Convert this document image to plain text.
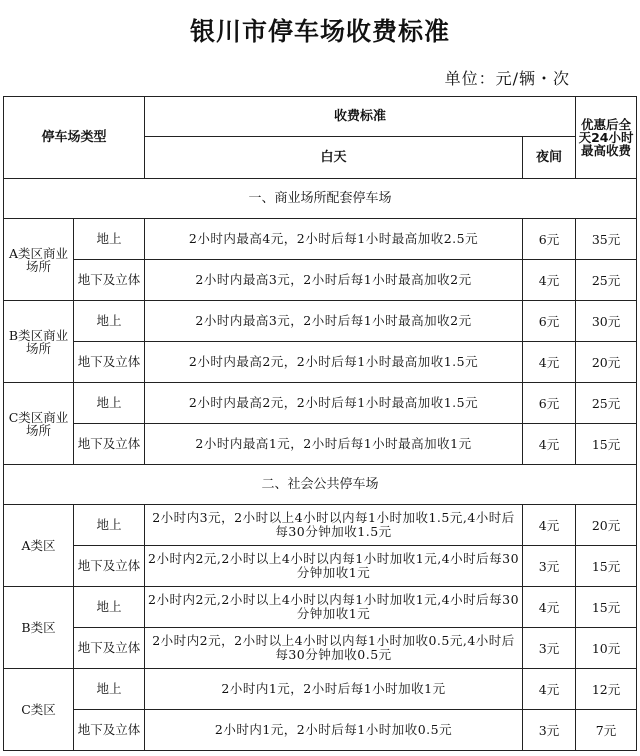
银川市停车场收费标准
单位：元/辆・次
停车场类型		收费标准		优惠后全天24小时最高收费
		白天	夜间	
一、商业场所配套停车场				
A类区商业场所	地上	2小时内最高4元，2小时后每1小时最高加收2.5元	6元	35元
	地下及立体	2小时内最高3元，2小时后每1小时最高加收2元	4元	25元
B类区商业场所	地上	2小时内最高3元，2小时后每1小时最高加收2元	6元	30元
	地下及立体	2小时内最高2元，2小时后每1小时最高加收1.5元	4元	20元
C类区商业场所	地上	2小时内最高2元，2小时后每1小时最高加收1.5元	6元	25元
	地下及立体	2小时内最高1元，2小时后每1小时最高加收1元	4元	15元
二、社会公共停车场				
A类区	地上	2小时内3元，2小时以上4小时以内每1小时加收1.5元,4小时后每30分钟加收1.5元	4元	20元
	地下及立体	2小时内2元,2小时以上4小时以内每1小时加收1元,4小时后每30分钟加收1元	3元	15元
B类区	地上	2小时内2元,2小时以上4小时以内每1小时加收1元,4小时后每30分钟加收1元	4元	15元
	地下及立体	2小时内2元，2小时以上4小时以内每1小时加收0.5元,4小时后每30分钟加收0.5元	3元	10元
C类区	地上	2小时内1元，2小时后每1小时加收1元	4元	12元
	地下及立体	2小时内1元，2小时后每1小时加收0.5元	3元	7元
